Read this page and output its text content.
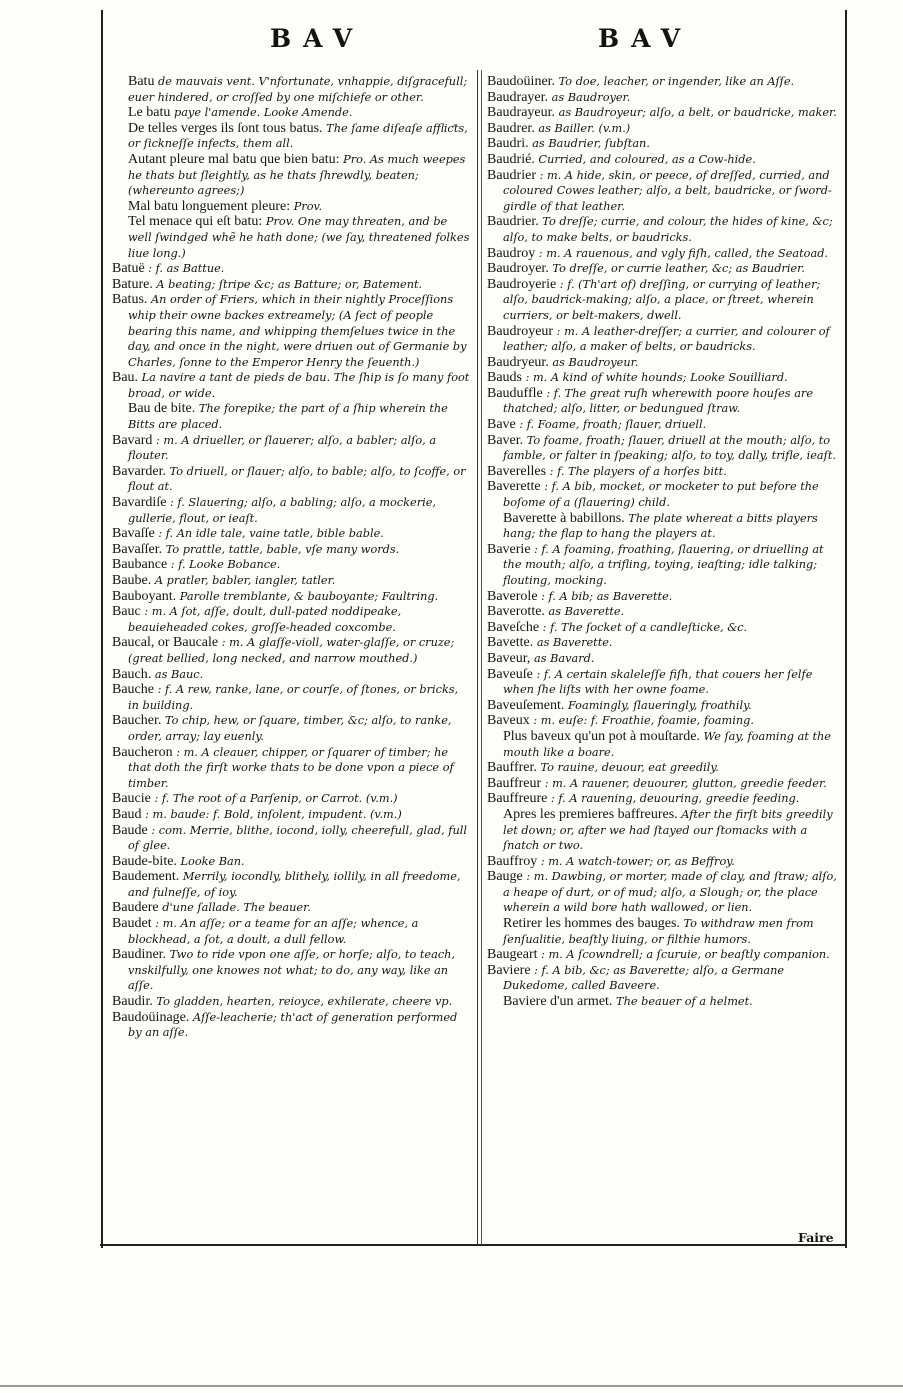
BAV	BAV

Batu de mauvais vent. V'nfortunate, vnhappie, diſgracefull; euer hindered, or croſſed by one miſchiefe or other.

Le batu paye l'amende. Looke Amende.

De telles verges ils ſont tous batus. The ſame diſeaſe affliƈts, or ſickneſſe infeƈts, them all.

Autant pleure mal batu que bien batu: Pro. As much weepes he thats but ſleightly, as he thats ſhrewdly, beaten; (whereunto agrees;)

Mal batu longuement pleure: Prov.

Tel menace qui eſt batu: Prov. One may threaten, and be well ſwindged whẽ he hath done; (we ſay, threatened folkes liue long.)

Batuë : f. as Battue.

Bature. A beating; ſtripe &c; as Batture; or, Batement.

Batus. An order of Friers, which in their nightly Proceſſions whip their owne backes extreamely; (A ſect of people bearing this name, and whipping themſelues twice in the day, and once in the night, were driuen out of Germanie by Charles, ſonne to the Emperor Henry the ſeuenth.)

Bau. La navire a tant de pieds de bau. The ſhip is ſo many foot broad, or wide.

Bau de bite. The forepike; the part of a ſhip wherein the Bitts are placed.

Bavard : m. A driueller, or ſlauerer; alſo, a babler; alſo, a flouter.

Bavarder. To driuell, or ſlauer; alſo, to bable; alſo, to ſcoffe, or flout at.

Bavardiſe : f. Slauering; alſo, a babling; alſo, a mockerie, gullerie, flout, or ieaſt.

Bavaſſe : f. An idle tale, vaine tatle, bible bable.

Bavaſſer. To prattle, tattle, bable, vſe many words.

Baubance : f. Looke Bobance.

Baube. A pratler, babler, iangler, tatler.

Bauboyant. Parolle tremblante, & bauboyante; Faultring.

Bauc : m. A ſot, aſſe, doult, dull-pated noddipeake, beauieheaded cokes, groſſe-headed coxcombe.

Baucal, or Baucale : m. A glaſſe-violl, water-glaſſe, or cruze; (great bellied, long necked, and narrow mouthed.)

Bauch. as Bauc.

Bauche : f. A rew, ranke, lane, or courſe, of ſtones, or bricks, in building.

Baucher. To chip, hew, or ſquare, timber, &c; alſo, to ranke, order, array; lay euenly.

Baucheron : m. A cleauer, chipper, or ſquarer of timber; he that doth the firſt worke thats to be done vpon a piece of timber.

Baucie : f. The root of a Parſenip, or Carrot. (v.m.)

Baud : m. baude: f. Bold, inſolent, impudent. (v.m.)

Baude : com. Merrie, blithe, iocond, iolly, cheerefull, glad, full of glee.

Baude-bite. Looke Ban.

Baudement. Merrily, iocondly, blithely, iollily, in all freedome, and fulneſſe, of ioy.

Baudere d'une ſallade. The beauer.

Baudet : m. An aſſe; or a teame for an aſſe; whence, a blockhead, a ſot, a doult, a dull fellow.

Baudiner. Two to ride vpon one aſſe, or horſe; alſo, to teach, vnskilfully, one knowes not what; to do, any way, like an aſſe.

Baudir. To gladden, hearten, reioyce, exhilerate, cheere vp.

Baudoüinage. Aſſe-leacherie; th'aƈt of generation performed by an aſſe.

Baudoüiner. To doe, leacher, or ingender, like an Aſſe.

Baudrayer. as Baudroyer.

Baudrayeur. as Baudroyeur; alſo, a belt, or baudricke, maker.

Baudrer. as Bailler. (v.m.)

Baudri. as Baudrier, ſubſtan.

Baudrié. Curried, and coloured, as a Cow-hide.

Baudrier : m. A hide, skin, or peece, of dreſſed, curried, and coloured Cowes leather; alſo, a belt, baudricke, or ſword-girdle of that leather.

Baudrier. To dreſſe; currie, and colour, the hides of kine, &c; alſo, to make belts, or baudricks.

Baudroy : m. A rauenous, and vgly fiſh, called, the Seatoad.

Baudroyer. To dreſſe, or currie leather, &c; as Baudrier.

Baudroyerie : f. (Th'art of) dreſſing, or currying of leather; alſo, baudrick-making; alſo, a place, or ſtreet, wherein curriers, or belt-makers, dwell.

Baudroyeur : m. A leather-dreſſer; a currier, and colourer of leather; alſo, a maker of belts, or baudricks.

Baudryeur. as Baudroyeur.

Bauds : m. A kind of white hounds; Looke Souilliard.

Bauduffle : f. The great ruſh wherewith poore houſes are thatched; alſo, litter, or bedungued ſtraw.

Bave : f. Foame, froath; ſlauer, driuell.

Baver. To foame, froath; ſlauer, driuell at the mouth; alſo, to famble, or falter in ſpeaking; alſo, to toy, dally, trifle, ieaſt.

Baverelles : f. The players of a horſes bitt.

Baverette : f. A bib, mocket, or mocketer to put before the boſome of a (ſlauering) child.

Baverette à babillons. The plate whereat a bitts players hang; the flap to hang the players at.

Baverie : f. A foaming, froathing, ſlauering, or driuelling at the mouth; alſo, a trifling, toying, ieaſting; idle talking; flouting, mocking.

Baverole : f. A bib; as Baverette.

Baverotte. as Baverette.

Baveſche : f. The ſocket of a candleſticke, &c.

Bavette. as Baverette.

Baveur, as Bavard.

Baveuſe : f. A certain skaleleſſe fiſh, that couers her ſelfe when ſhe liſts with her owne foame.

Baveuſement. Foamingly, ſlaueringly, froathily.

Baveux : m. euſe: f. Froathie, foamie, foaming.

Plus baveux qu'un pot à mouſtarde. We ſay, foaming at the mouth like a boare.

Bauffrer. To rauine, deuour, eat greedily.

Bauffreur : m. A rauener, deuourer, glutton, greedie feeder.

Bauffreure : f. A rauening, deuouring, greedie feeding.

Apres les premieres baffreures. After the firſt bits greedily let down; or, after we had ſtayed our ſtomacks with a ſnatch or two.

Bauffroy : m. A watch-tower; or, as Beffroy.

Bauge : m. Dawbing, or morter, made of clay, and ſtraw; alſo, a heape of durt, or of mud; alſo, a Slough; or, the place wherein a wild bore hath wallowed, or lien.

Retirer les hommes des bauges. To withdraw men from ſenſualitie, beaſtly liuing, or filthie humors.

Baugeart : m. A ſcowndrell; a ſcuruie, or beaſtly companion.

Baviere : f. A bib, &c; as Baverette; alſo, a Germane Dukedome, called Baveere.

Baviere d'un armet. The beauer of a helmet.

Faire
